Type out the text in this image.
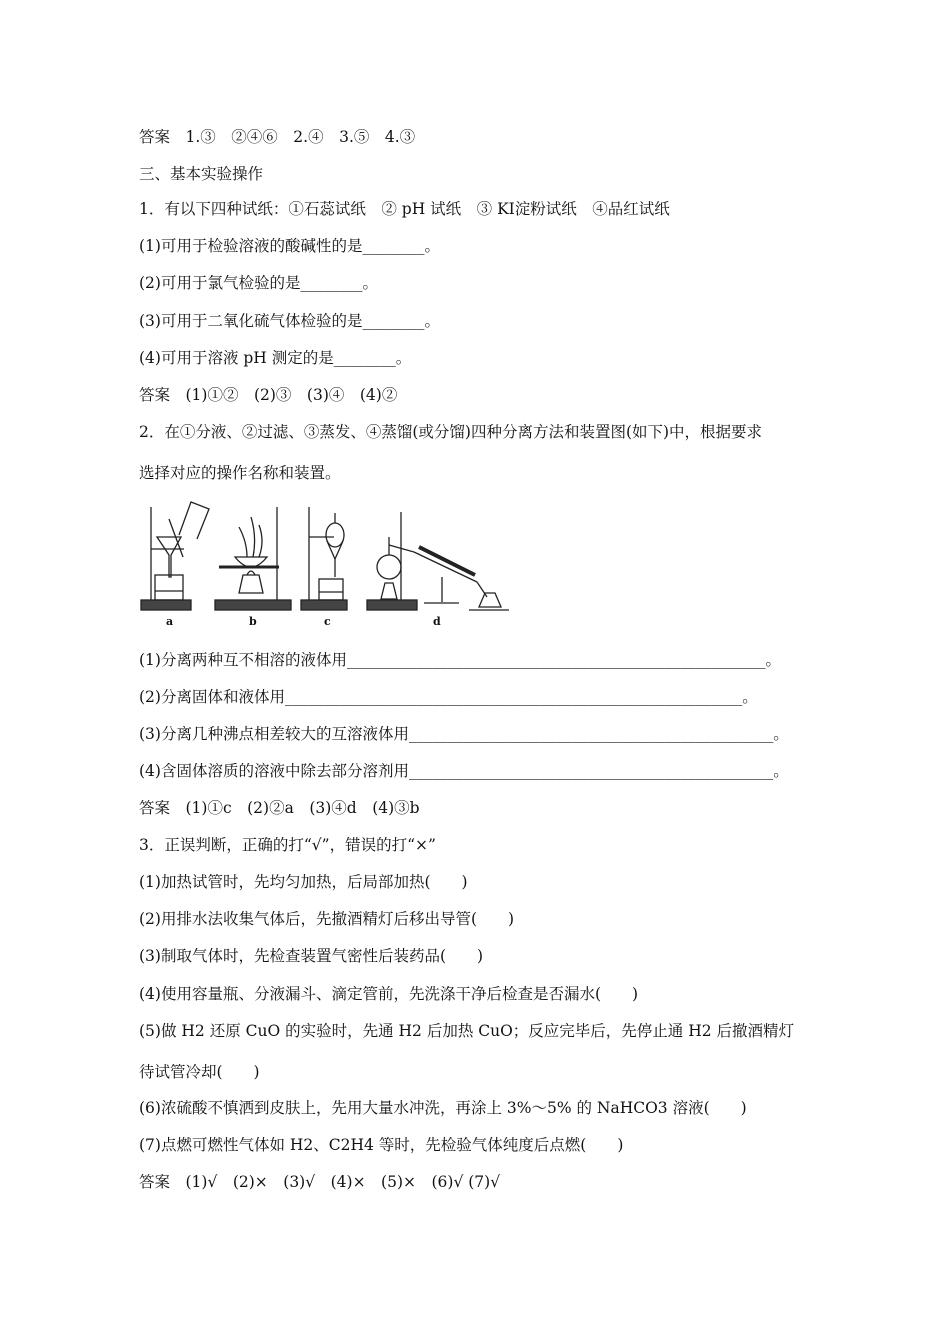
答案　1.③　②④⑥　2.④　3.⑤　4.③
三、基本实验操作
1．有以下四种试纸：①石蕊试纸　② pH 试纸　③ KI淀粉试纸　④品红试纸
(1)可用于检验溶液的酸碱性的是________。
(2)可用于氯气检验的是________。
(3)可用于二氧化硫气体检验的是________。
(4)可用于溶液 pH 测定的是________。
答案　(1)①②　(2)③　(3)④　(4)②
2．在①分液、②过滤、③蒸发、④蒸馏(或分馏)四种分离方法和装置图(如下)中，根据要求
选择对应的操作名称和装置。
a	b	c	d
(1)分离两种互不相溶的液体用______________________________________________________。
(2)分离固体和液体用___________________________________________________________。
(3)分离几种沸点相差较大的互溶液体用_______________________________________________。
(4)含固体溶质的溶液中除去部分溶剂用_______________________________________________。
答案　(1)①c　(2)②a　(3)④d　(4)③b
3．正误判断，正确的打“√”，错误的打“×”
(1)加热试管时，先均匀加热，后局部加热(　　)
(2)用排水法收集气体后，先撤酒精灯后移出导管(　　)
(3)制取气体时，先检查装置气密性后装药品(　　)
(4)使用容量瓶、分液漏斗、滴定管前，先洗涤干净后检查是否漏水(　　)
(5)做 H2 还原 CuO 的实验时，先通 H2 后加热 CuO；反应完毕后，先停止通 H2 后撤酒精灯
待试管冷却(　　)
(6)浓硫酸不慎洒到皮肤上，先用大量水冲洗，再涂上 3%～5% 的 NaHCO3 溶液(　　)
(7)点燃可燃性气体如 H2、C2H4 等时，先检验气体纯度后点燃(　　)
答案　(1)√　(2)×　(3)√　(4)×　(5)×　(6)√ (7)√
